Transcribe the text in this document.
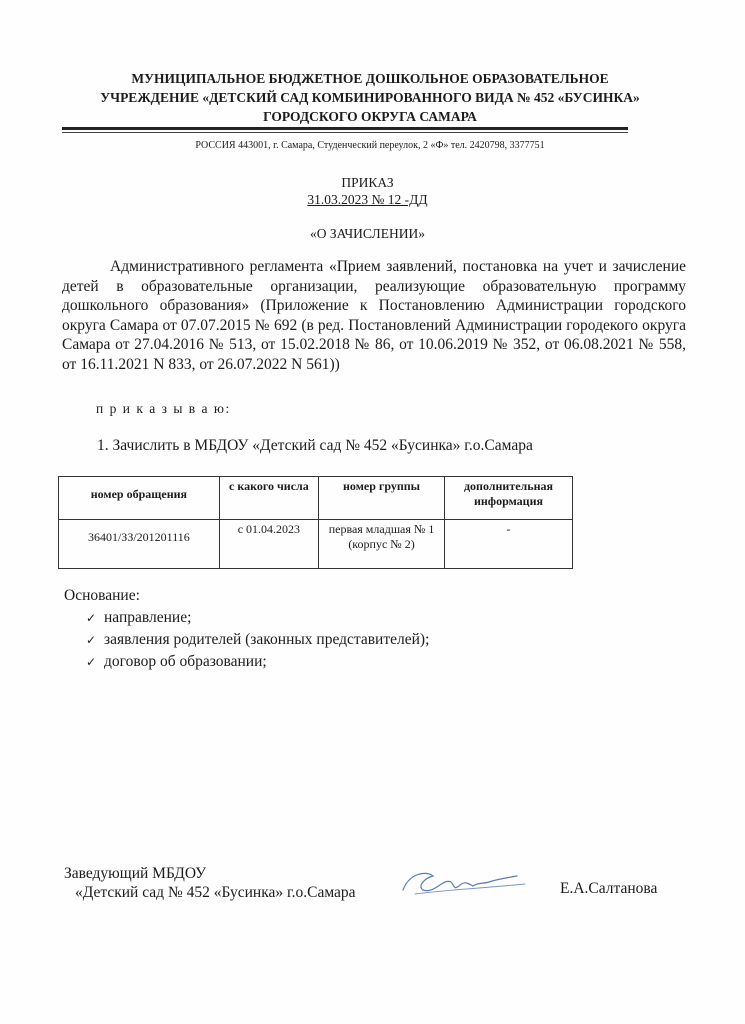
МУНИЦИПАЛЬНОЕ БЮДЖЕТНОЕ ДОШКОЛЬНОЕ ОБРАЗОВАТЕЛЬНОЕ
УЧРЕЖДЕНИЕ «ДЕТСКИЙ САД КОМБИНИРОВАННОГО ВИДА № 452 «БУСИНКА»
ГОРОДСКОГО ОКРУГА САМАРА
РОССИЯ 443001, г. Самара, Студенческий переулок, 2 «Ф» тел. 2420798, 3377751
ПРИКАЗ
31.03.2023 № 12 -ДД
«О ЗАЧИСЛЕНИИ»

Административного регламента «Прием заявлений, постановка на учет и зачисление детей в образовательные организации, реализующие образовательную программу дошкольного образования» (Приложение к Постановлению Администрации городского округа Самара от 07.07.2015 № 692 (в ред. Постановлений Администрации городекого округа Самара от 27.04.2016 № 513, от 15.02.2018 № 86, от 10.06.2019 № 352, от 06.08.2021 № 558, от 16.11.2021 N 833, от 26.07.2022 N 561))

п р и к а з ы в а ю:
1. Зачислить в МБДОУ «Детский сад № 452 «Бусинка» г.о.Самара
номер обращения	с какого числа	номер группы	дополнительная информация
36401/ЗЗ/201201116	с 01.04.2023	первая младшая № 1 (корпус № 2)	-
Основание:
✓ направление;
✓ заявления родителей (законных представителей);
✓ договор об образовании;
Заведующий МБДОУ
«Детский сад № 452 «Бусинка» г.о.Самара	Е.А.Салтанова
